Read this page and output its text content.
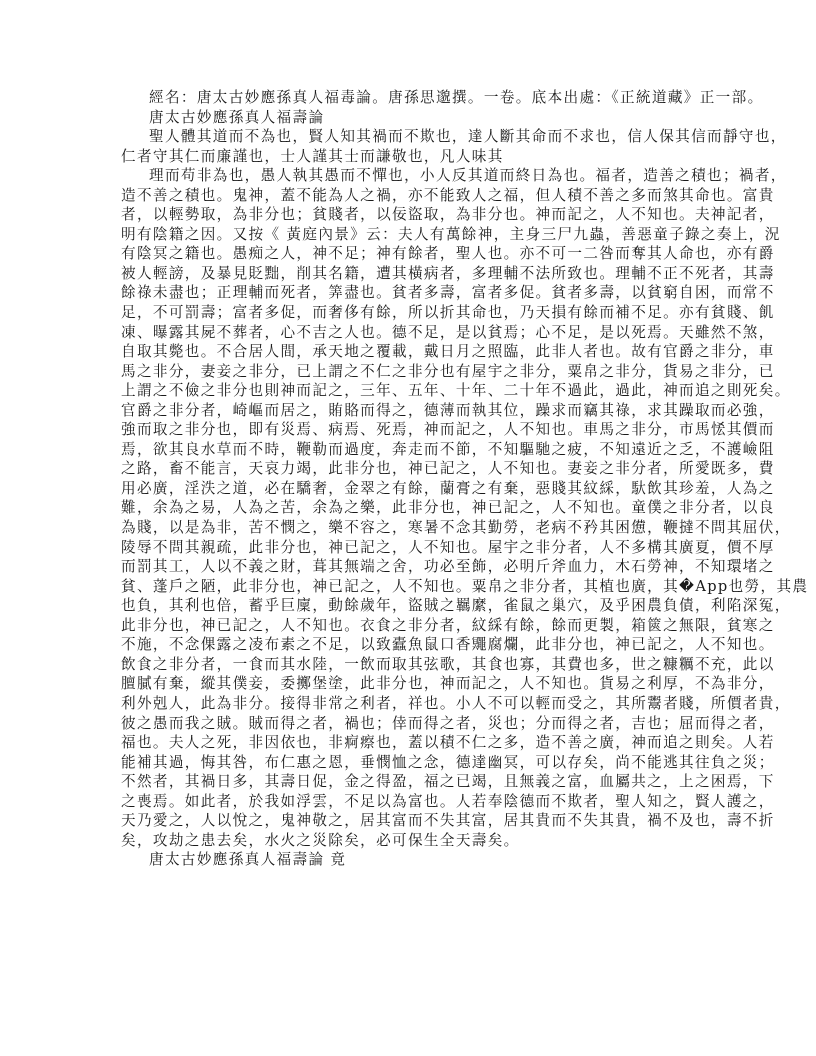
經名：唐太古妙應孫真人福毒論。唐孫思邈撰。一卷。底本出處：《正統道藏》正一部。
唐太古妙應孫真人福壽論
聖人體其道而不為也，賢人知其禍而不欺也，達人斷其命而不求也，信人保其信而靜守也，
仁者守其仁而廉謹也，士人謹其士而謙敬也，凡人味其
理而苟非為也，愚人執其愚而不憚也，小人反其道而終日為也。福者，造善之積也；禍者，
造不善之積也。鬼神，蓋不能為人之禍，亦不能致人之福，但人積不善之多而煞其命也。富貴
者，以輕勢取，為非分也；貧賤者，以佞盜取，為非分也。神而記之，人不知也。夫神記者，
明有陰籍之因。又按《 黃庭內景》云：夫人有萬餘神，主身三尸九蟲，善惡童子錄之奏上，況
有陰冥之籍也。愚痴之人，神不足；神有餘者，聖人也。亦不可一二咎而奪其人命也，亦有爵
被人輕謗，及暴見貶黜，削其名籍，遭其橫病者，多理輔不法所致也。理輔不正不死者，其壽
餘祿未盡也；正理輔而死者，筭盡也。貧者多壽，富者多促。貧者多壽，以貧窮自困，而常不
足，不可罰壽；富者多促，而奢侈有餘，所以折其命也，乃天損有餘而補不足。亦有貧賤、飢
凍、曝露其屍不葬者，心不吉之人也。德不足，是以貧焉；心不足，是以死焉。天雖然不煞，
自取其斃也。不合居人間，承天地之覆載，戴日月之照臨，此非人者也。故有官爵之非分，車
馬之非分，妻妾之非分，已上謂之不仁之非分也有屋宇之非分，粟帛之非分，貨易之非分，已
上謂之不儉之非分也則神而記之，三年、五年、十年、二十年不過此，過此，神而追之則死矣。
官爵之非分者，崎嶇而居之，賄賂而得之，德薄而執其位，躁求而竊其祿，求其躁取而必強，
強而取之非分也，即有災焉、病焉、死焉，神而記之，人不知也。車馬之非分，市馬恡其價而
焉，欲其良水草而不時，鞭勒而過度，奔走而不節，不知驅馳之疲，不知遠近之乏，不護嶮阻
之路，畜不能言，天哀力竭，此非分也，神已記之，人不知也。妻妾之非分者，所愛既多，費
用必廣，淫泆之道，必在驕奢，金翠之有餘，蘭膏之有棄，惡賤其紋綵，馱飲其珍羞，人為之
難，余為之易，人為之苦，余為之樂，此非分也，神已記之，人不知也。童僕之非分者，以良
為賤，以是為非，苦不憫之，樂不容之，寒暑不念其勤勞，老病不矜其困憊，鞭撻不問其屈伏，
陵辱不問其親疏，此非分也，神已記之，人不知也。屋宇之非分者，人不多構其廣夏，價不厚
而罰其工，人以不義之財，葺其無端之舍，功必至飾，必明斤斧血力，木石勞神，不知環堵之
貧、蓬戶之陋，此非分也，神已記之，人不知也。粟帛之非分者，其植也廣，其�App也勞，其農
也負，其利也倍，蓄乎巨廩，動餘歲年，盜賊之羈縻，雀鼠之巢穴，及乎困農負債，利陷深冤，
此非分也，神已記之，人不知也。衣食之非分者，紋綵有餘，餘而更製，箱篋之無限，貧寒之
不施，不念倮露之凌布素之不足，以致蠹魚鼠口香鼆腐爛，此非分也，神已記之，人不知也。
飲食之非分者，一食而其水陸，一飲而取其弦歌，其食也寡，其費也多，世之糠糲不充，此以
膻膩有棄，縱其僕妾，委擲堡塗，此非分也，神而記之，人不知也。貨易之利厚，不為非分，
利外剋人，此為非分。接得非常之利者，祥也。小人不可以輕而受之，其所鬻者賤，所價者貴，
彼之愚而我之賊。賊而得之者，禍也；倖而得之者，災也；分而得之者，吉也；屈而得之者，
福也。夫人之死，非因依也，非痾瘵也，蓋以積不仁之多，造不善之廣，神而追之則矣。人若
能補其過，悔其咎，布仁惠之恩，垂憫恤之念，德達幽冥，可以存矣，尚不能逃其往負之災；
不然者，其禍日多，其壽日促，金之得盈，福之已竭，且無義之富，血屬共之，上之困焉，下
之喪焉。如此者，於我如浮雲，不足以為富也。人若奉陰德而不欺者，聖人知之，賢人護之，
天乃愛之，人以悅之，鬼神敬之，居其富而不失其富，居其貴而不失其貴，禍不及也，壽不折
矣，攻劫之患去矣，水火之災除矣，必可保生全天壽矣。
唐太古妙應孫真人福壽論 竟
